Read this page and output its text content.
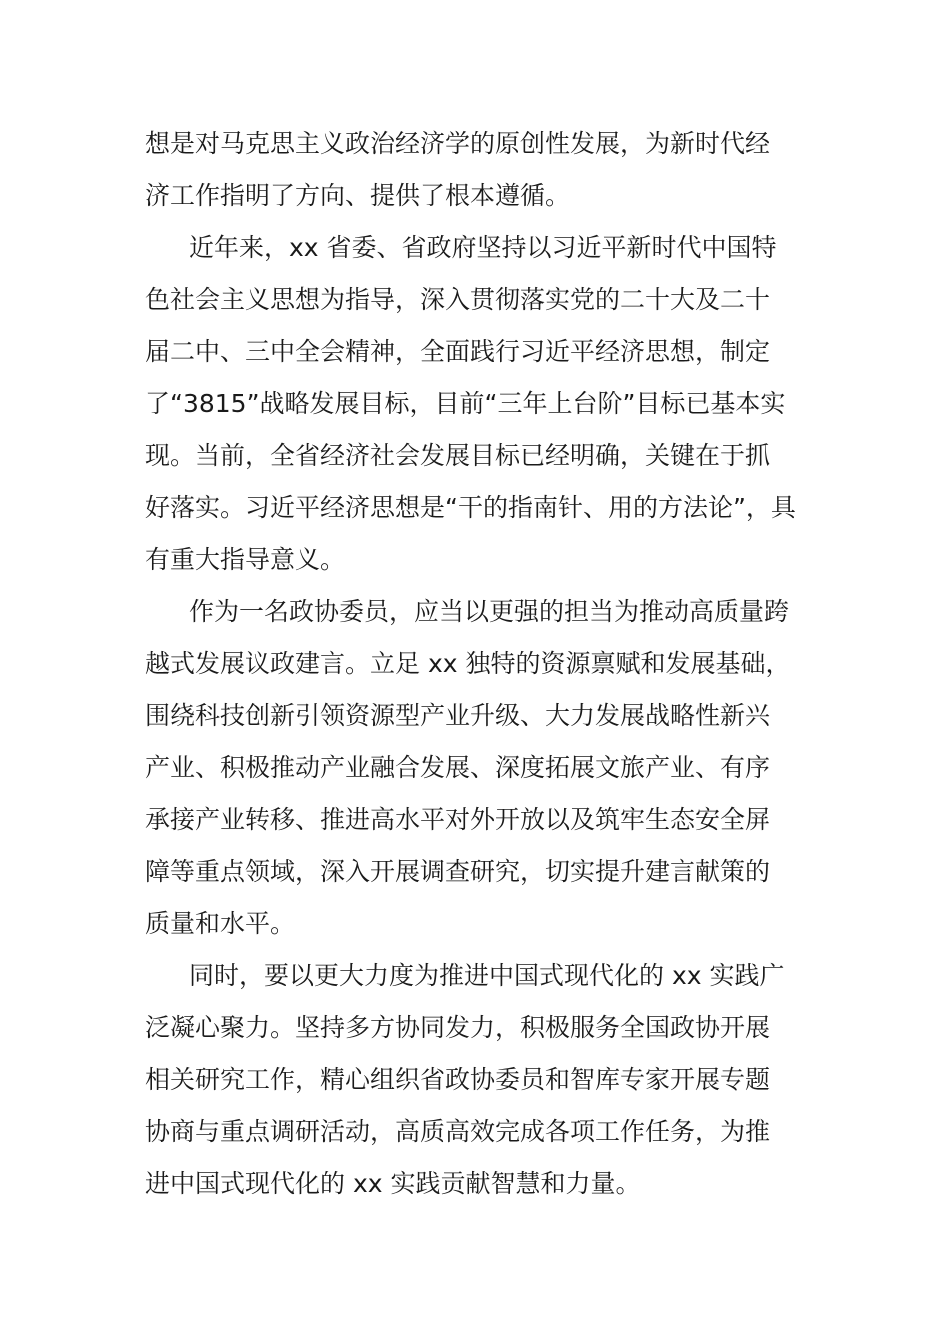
想是对马克思主义政治经济学的原创性发展，为新时代经
济工作指明了方向、提供了根本遵循。
近年来，xx 省委、省政府坚持以习近平新时代中国特
色社会主义思想为指导，深入贯彻落实党的二十大及二十
届二中、三中全会精神，全面践行习近平经济思想，制定
了“3815”战略发展目标，目前“三年上台阶”目标已基本实
现。当前，全省经济社会发展目标已经明确，关键在于抓
好落实。习近平经济思想是“干的指南针、用的方法论”，具
有重大指导意义。
作为一名政协委员，应当以更强的担当为推动高质量跨
越式发展议政建言。立足 xx 独特的资源禀赋和发展基础，
围绕科技创新引领资源型产业升级、大力发展战略性新兴
产业、积极推动产业融合发展、深度拓展文旅产业、有序
承接产业转移、推进高水平对外开放以及筑牢生态安全屏
障等重点领域，深入开展调查研究，切实提升建言献策的
质量和水平。
同时，要以更大力度为推进中国式现代化的 xx 实践广
泛凝心聚力。坚持多方协同发力，积极服务全国政协开展
相关研究工作，精心组织省政协委员和智库专家开展专题
协商与重点调研活动，高质高效完成各项工作任务，为推
进中国式现代化的 xx 实践贡献智慧和力量。
